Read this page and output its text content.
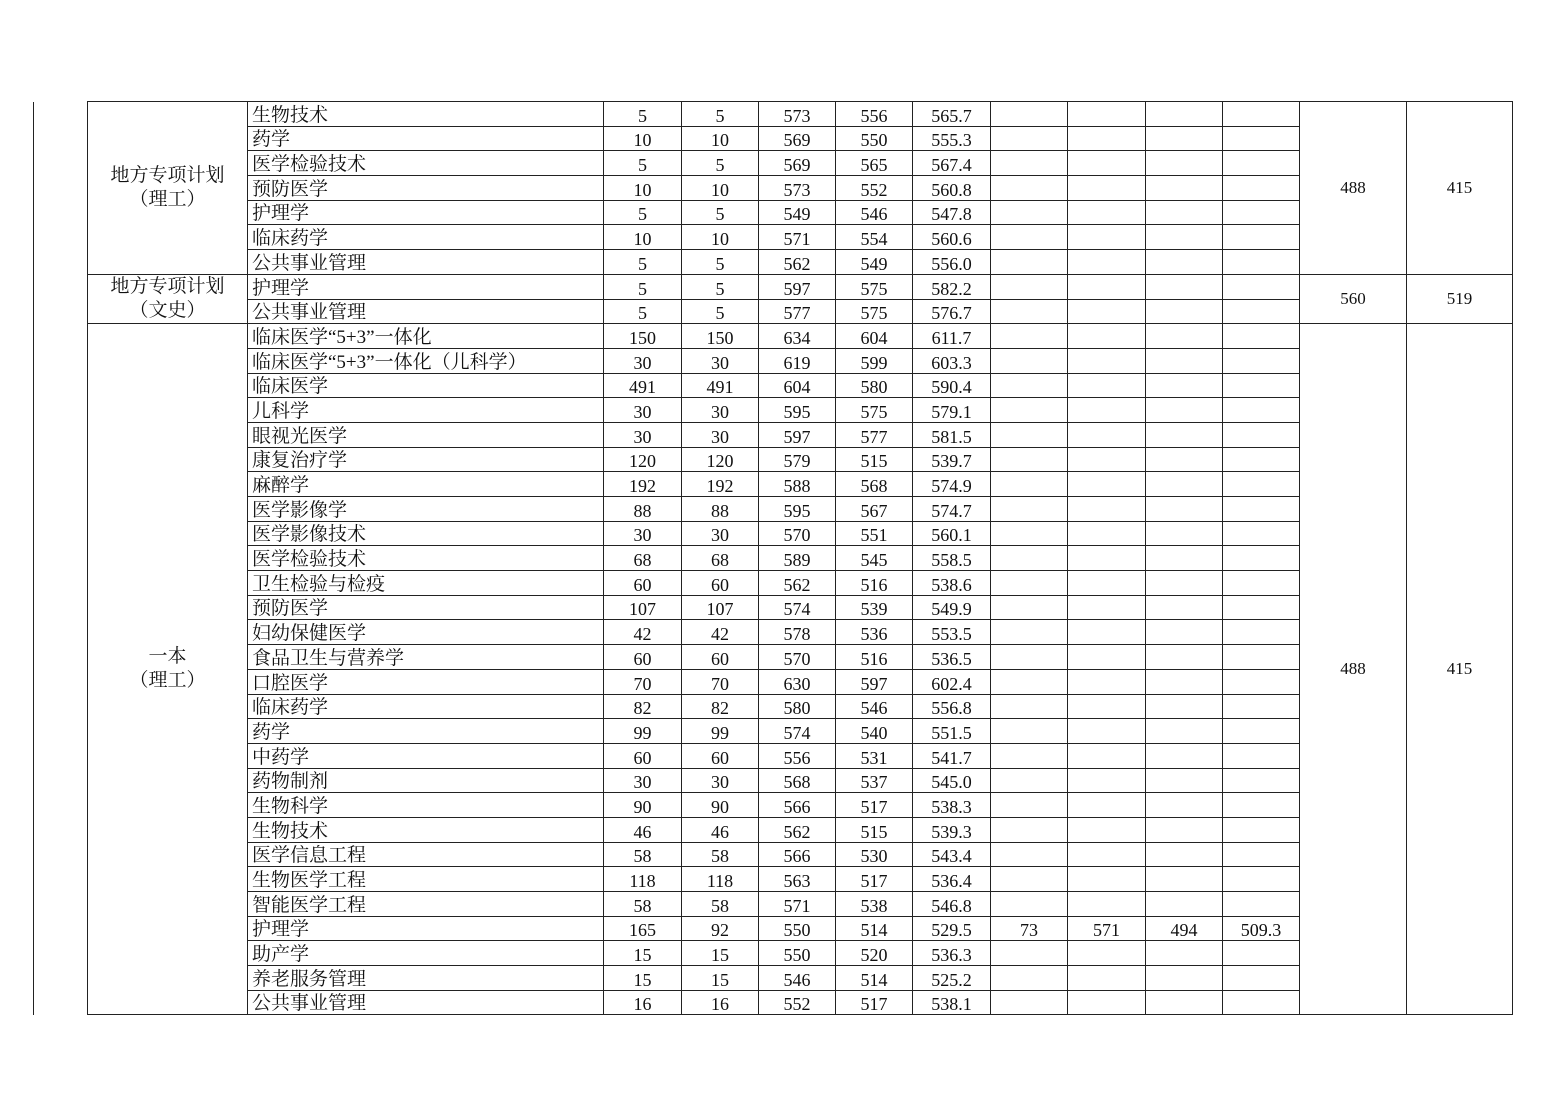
	地方专项计划
（理工）	生物技术	5	5	573	556	565.7					488	415
		药学	10	10	569	550	555.3						
		医学检验技术	5	5	569	565	567.4						
		预防医学	10	10	573	552	560.8						
		护理学	5	5	549	546	547.8						
		临床药学	10	10	571	554	560.6						
		公共事业管理	5	5	562	549	556.0						

	地方专项计划
（文史）	护理学	5	5	597	575	582.2					560	519
		公共事业管理	5	5	577	575	576.7						

	一本
（理工）	临床医学“5+3”一体化	150	150	634	604	611.7					488	415
		临床医学“5+3”一体化（儿科学）	30	30	619	599	603.3						
		临床医学	491	491	604	580	590.4						
		儿科学	30	30	595	575	579.1						
		眼视光医学	30	30	597	577	581.5						
		康复治疗学	120	120	579	515	539.7						
		麻醉学	192	192	588	568	574.9						
		医学影像学	88	88	595	567	574.7						
		医学影像技术	30	30	570	551	560.1						
		医学检验技术	68	68	589	545	558.5						
		卫生检验与检疫	60	60	562	516	538.6						
		预防医学	107	107	574	539	549.9						
		妇幼保健医学	42	42	578	536	553.5						
		食品卫生与营养学	60	60	570	516	536.5						
		口腔医学	70	70	630	597	602.4						
		临床药学	82	82	580	546	556.8						
		药学	99	99	574	540	551.5						
		中药学	60	60	556	531	541.7						
		药物制剂	30	30	568	537	545.0						
		生物科学	90	90	566	517	538.3						
		生物技术	46	46	562	515	539.3						
		医学信息工程	58	58	566	530	543.4						
		生物医学工程	118	118	563	517	536.4						
		智能医学工程	58	58	571	538	546.8						
		护理学	165	92	550	514	529.5	73	571	494	509.3		
		助产学	15	15	550	520	536.3						
		养老服务管理	15	15	546	514	525.2						
		公共事业管理	16	16	552	517	538.1						
